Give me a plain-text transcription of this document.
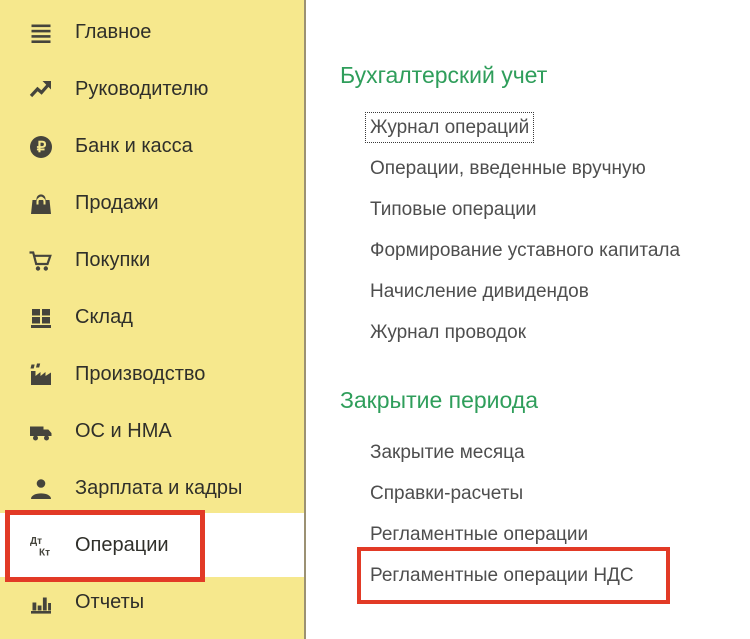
Главное
Руководителю
₽ Банк и касса
Продажи
Покупки
Склад
Производство
ОС и НМА
Зарплата и кадры
Дт
Кт Операции
Отчеты
Бухгалтерский учет
Журнал операций
Операции, введенные вручную
Типовые операции
Формирование уставного капитала
Начисление дивидендов
Журнал проводок
Закрытие периода
Закрытие месяца
Справки-расчеты
Регламентные операции
Регламентные операции НДС
